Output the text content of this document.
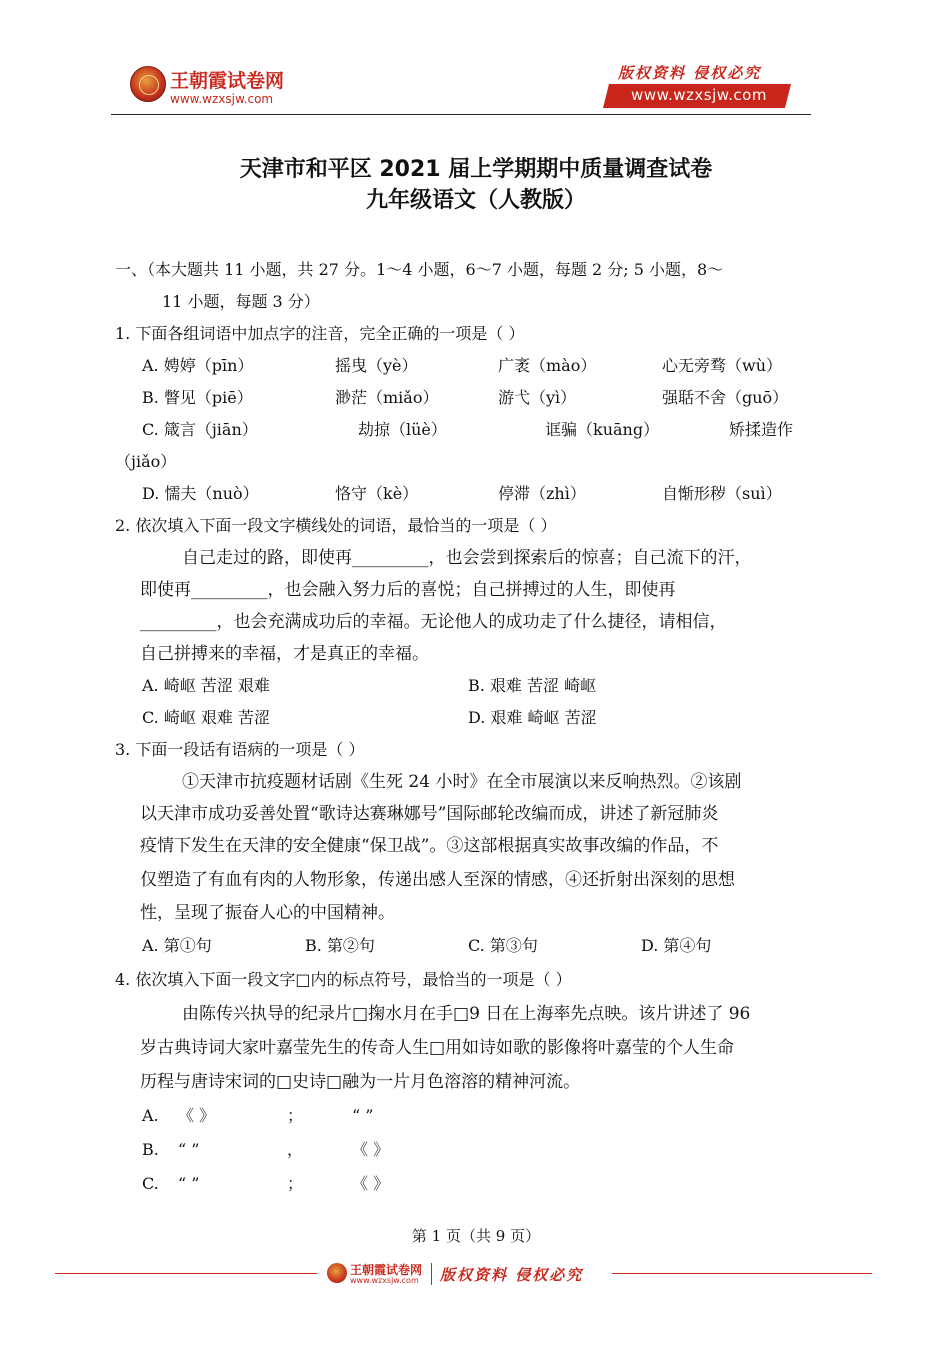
王朝霞试卷网
www.wzxsjw.com
版权资料 侵权必究
www.wzxsjw.com
天津市和平区 2021 届上学期期中质量调查试卷
九年级语文（人教版）
一、（本大题共 11 小题，共 27 分。1～4 小题，6～7 小题，每题 2 分; 5 小题，8～
11 小题，每题 3 分）
1. 下面各组词语中加点字的注音，完全正确的一项是（ ）
A. 娉婷（pīn）	摇曳（yè）	广袤（mào）	心无旁骛（wù）
B. 瞥见（piē）	渺茫（miǎo）	游弋（yì）	强聒不舍（guō）
C. 箴言（jiān）	劫掠（lüè）	诓骗（kuāng）	矫揉造作
（jiǎo）
D. 懦夫（nuò）	恪守（kè）	停滞（zhì）	自惭形秽（suì）
2. 依次填入下面一段文字横线处的词语，最恰当的一项是（ ）
自己走过的路，即使再_________，也会尝到探索后的惊喜；自己流下的汗，
即使再_________，也会融入努力后的喜悦；自己拼搏过的人生，即使再
_________，也会充满成功后的幸福。无论他人的成功走了什么捷径，请相信，
自己拼搏来的幸福，才是真正的幸福。
A. 崎岖 苦涩 艰难	B. 艰难 苦涩 崎岖
C. 崎岖 艰难 苦涩	D. 艰难 崎岖 苦涩
3. 下面一段话有语病的一项是（ ）
①天津市抗疫题材话剧《生死 24 小时》在全市展演以来反响热烈。②该剧
以天津市成功妥善处置“歌诗达赛琳娜号”国际邮轮改编而成，讲述了新冠肺炎
疫情下发生在天津的安全健康“保卫战”。③这部根据真实故事改编的作品，不
仅塑造了有血有肉的人物形象，传递出感人至深的情感，④还折射出深刻的思想
性，呈现了振奋人心的中国精神。
A. 第①句	B. 第②句	C. 第③句	D. 第④句
4. 依次填入下面一段文字□内的标点符号，最恰当的一项是（ ）
由陈传兴执导的纪录片□掬水月在手□9 日在上海率先点映。该片讲述了 96
岁古典诗词大家叶嘉莹先生的传奇人生□用如诗如歌的影像将叶嘉莹的个人生命
历程与唐诗宋词的□史诗□融为一片月色溶溶的精神河流。
A. 《 》	；	“ ”
B. “ ”	，	《 》
C. “ ”	；	《 》
第 1 页（共 9 页）
王朝霞试卷网
www.wzxsjw.com 版权资料 侵权必究
